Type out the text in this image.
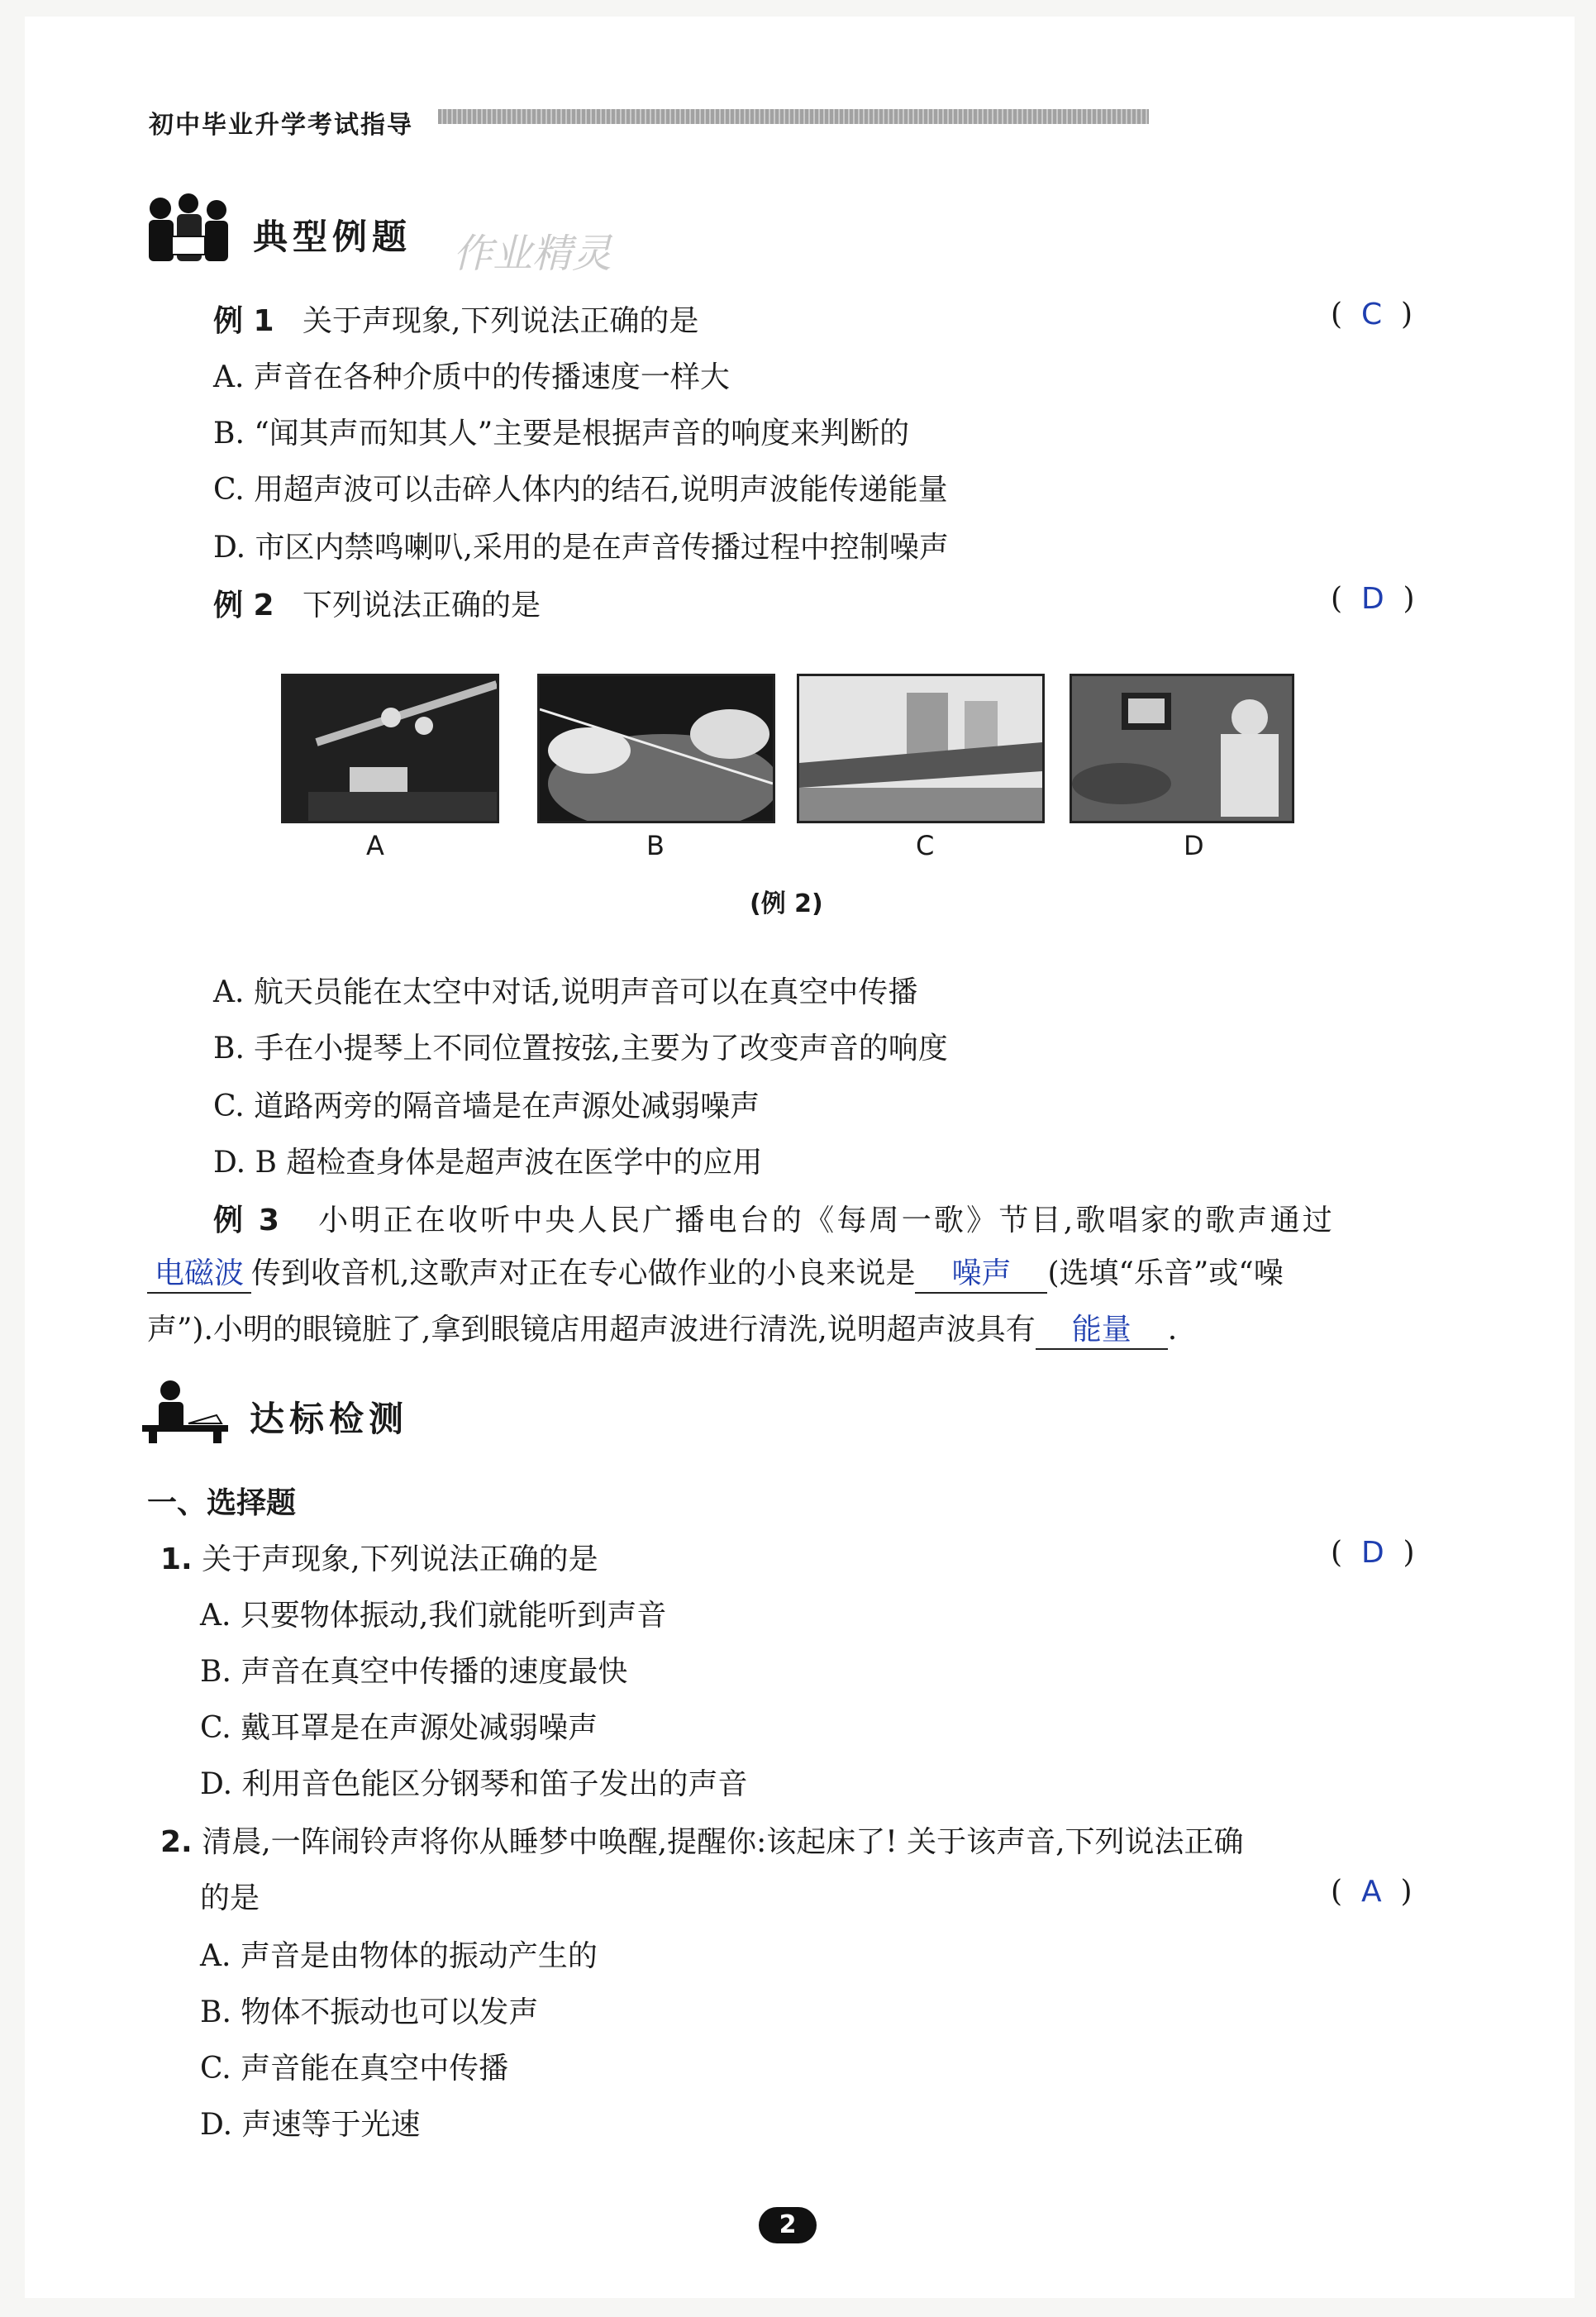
初中毕业升学考试指导
典型例题 作业精灵
例 1 关于声现象,下列说法正确的是	(  C  )
A. 声音在各种介质中的传播速度一样大
B. “闻其声而知其人”主要是根据声音的响度来判断的
C. 用超声波可以击碎人体内的结石,说明声波能传递能量
D. 市区内禁鸣喇叭,采用的是在声音传播过程中控制噪声
例 2 下列说法正确的是	(  D  )
A	B	C	D
(例 2)
A. 航天员能在太空中对话,说明声音可以在真空中传播
B. 手在小提琴上不同位置按弦,主要为了改变声音的响度
C. 道路两旁的隔音墙是在声源处减弱噪声
D. B 超检查身体是超声波在医学中的应用
例 3 小明正在收听中央人民广播电台的《每周一歌》节目,歌唱家的歌声通过
电磁波 传到收音机,这歌声对正在专心做作业的小良来说是 噪声 (选填“乐音”或“噪
声”).小明的眼镜脏了,拿到眼镜店用超声波进行清洗,说明超声波具有 能量 .
达标检测
一、选择题
1. 关于声现象,下列说法正确的是	(  D  )
A. 只要物体振动,我们就能听到声音
B. 声音在真空中传播的速度最快
C. 戴耳罩是在声源处减弱噪声
D. 利用音色能区分钢琴和笛子发出的声音
2. 清晨,一阵闹铃声将你从睡梦中唤醒,提醒你:该起床了! 关于该声音,下列说法正确
的是	(  A  )
A. 声音是由物体的振动产生的
B. 物体不振动也可以发声
C. 声音能在真空中传播
D. 声速等于光速
2
